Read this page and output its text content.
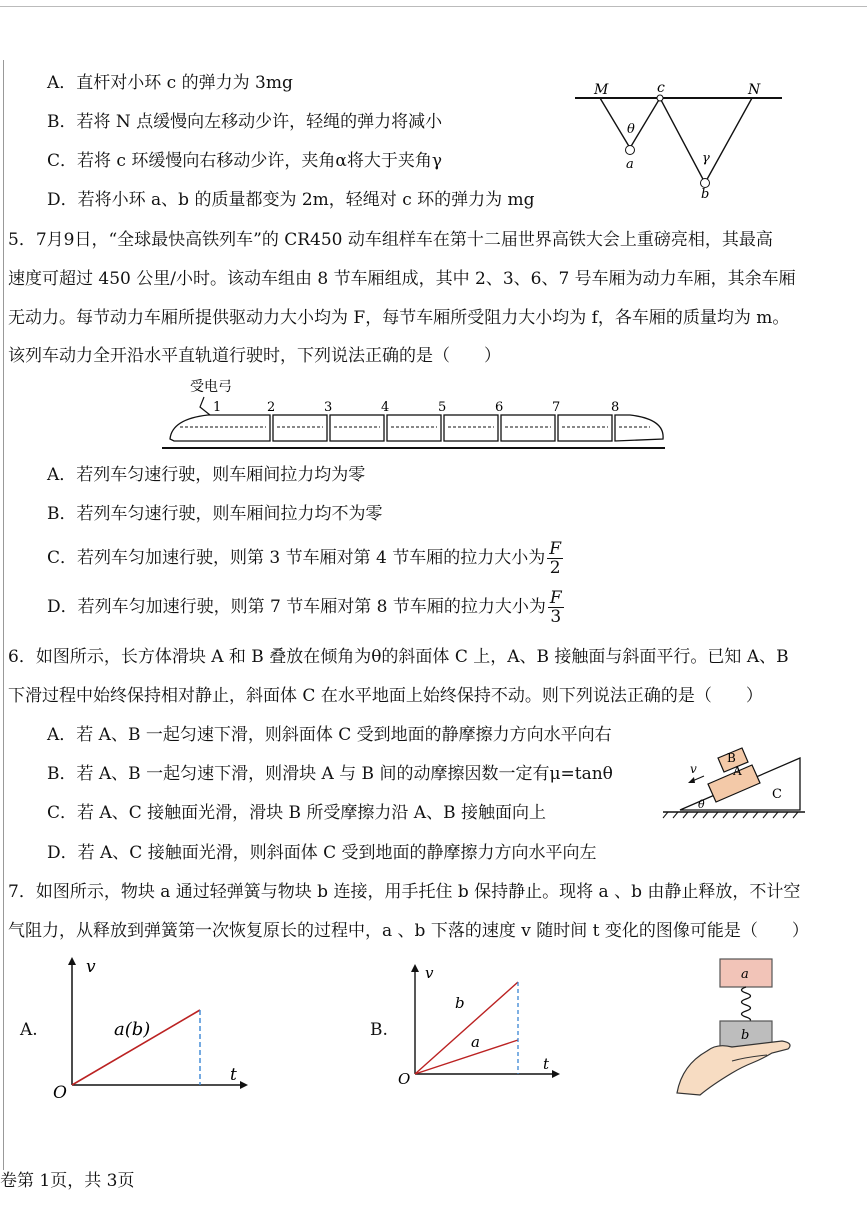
A．直杆对小环 c 的弹力为 3mg
B．若将 N 点缓慢向左移动少许，轻绳的弹力将减小
C．若将 c 环缓慢向右移动少许，夹角α将大于夹角γ
D．若将小环 a、b 的质量都变为 2m，轻绳对 c 环的弹力为 mg
M	c	N
θ
γ
a
b
5．7月9日，“全球最快高铁列车”的 CR450 动车组样车在第十二届世界高铁大会上重磅亮相，其最高
速度可超过 450 公里/小时。该动车组由 8 节车厢组成，其中 2、3、6、7 号车厢为动力车厢，其余车厢
无动力。每节动力车厢所提供驱动力大小均为 F，每节车厢所受阻力大小均为 f，各车厢的质量均为 m。
该列车动力全开沿水平直轨道行驶时，下列说法正确的是（　　）
受电弓
1	2	3	4	5	6	7	8
A．若列车匀速行驶，则车厢间拉力均为零
B．若列车匀速行驶，则车厢间拉力均不为零
C．若列车匀加速行驶，则第 3 节车厢对第 4 节车厢的拉力大小为 $\frac{F}{2}$
D．若列车匀加速行驶，则第 7 节车厢对第 8 节车厢的拉力大小为 $\frac{F}{3}$
6．如图所示，长方体滑块 A 和 B 叠放在倾角为θ的斜面体 C 上，A、B 接触面与斜面平行。已知 A、B
下滑过程中始终保持相对静止，斜面体 C 在水平地面上始终保持不动。则下列说法正确的是（　　）
A．若 A、B 一起匀速下滑，则斜面体 C 受到地面的静摩擦力方向水平向右
B．若 A、B 一起匀速下滑，则滑块 A 与 B 间的动摩擦因数一定有μ=tanθ
C．若 A、C 接触面光滑，滑块 B 所受摩擦力沿 A、B 接触面向上
D．若 A、C 接触面光滑，则斜面体 C 受到地面的静摩擦力方向水平向左
A
B
C
v
θ
7．如图所示，物块 a 通过轻弹簧与物块 b 连接，用手托住 b 保持静止。现将 a 、b 由静止释放，不计空
气阻力，从释放到弹簧第一次恢复原长的过程中，a 、b 下落的速度 v 随时间 t 变化的图像可能是（　　）
A.
v
t
O
a(b)	B.
v
t
O
b
a
a
b
卷第 1页，共 3页
